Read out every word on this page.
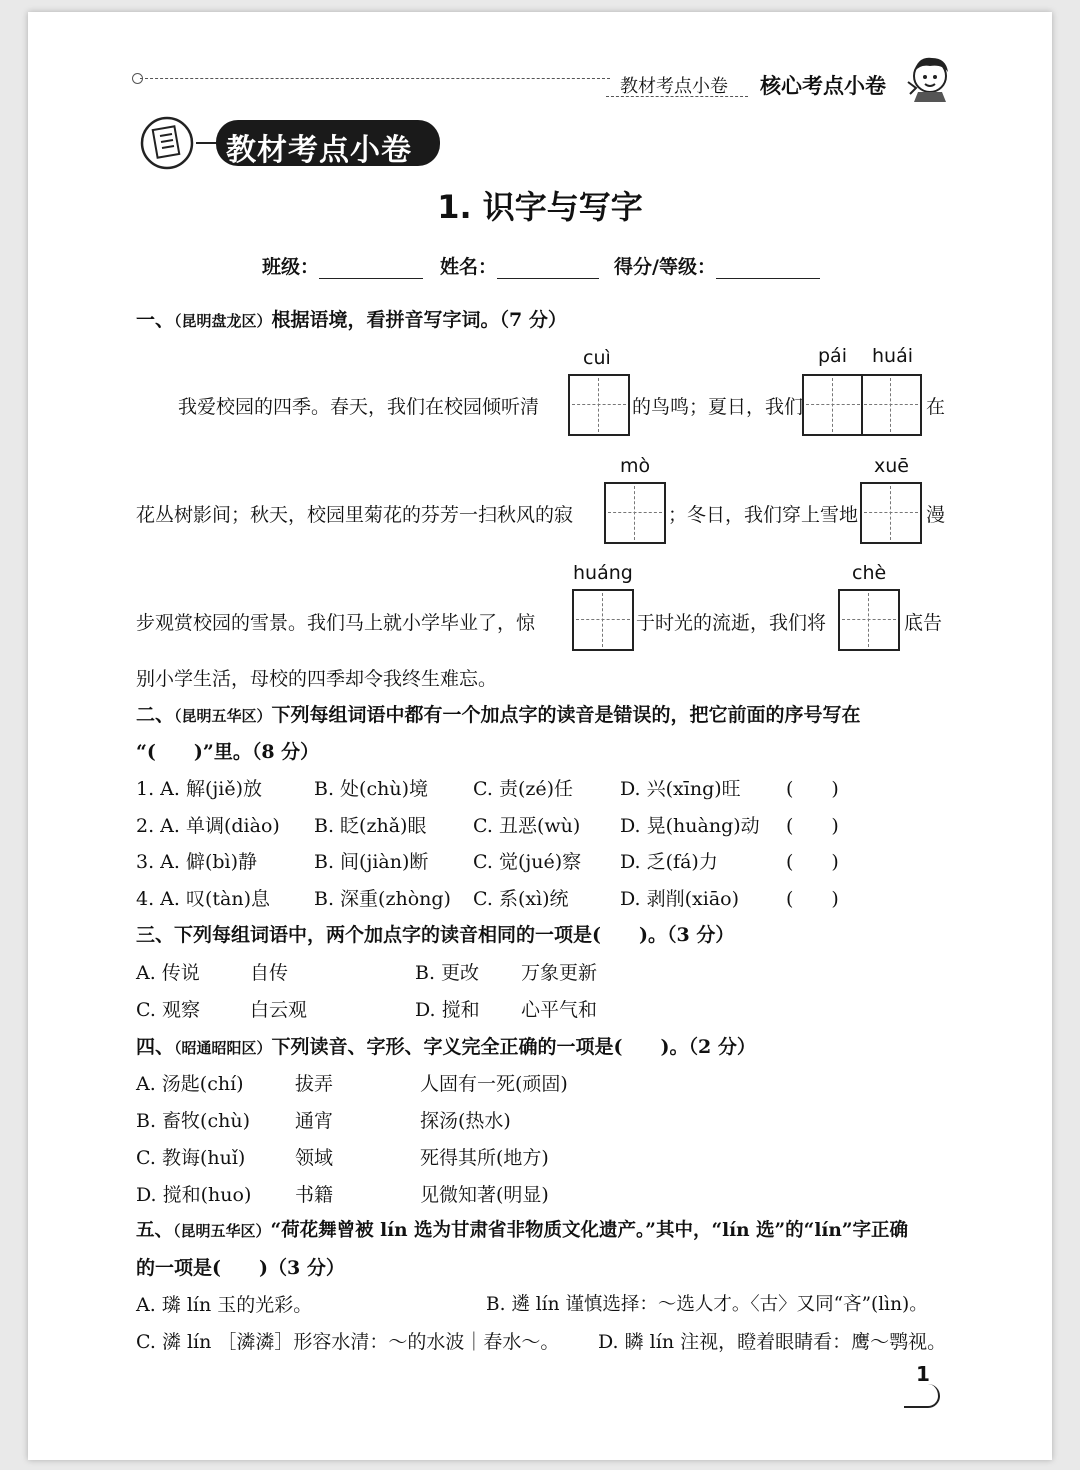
教材考点小卷 核心考点小卷
教材考点小卷
1. 识字与写字
班级：	姓名：	得分/等级：
一、（昆明盘龙区）根据语境，看拼音写字词。（7 分）
cuì	pái huái
我爱校园的四季。春天，我们在校园倾听清	的鸟鸣；夏日，我们	在
mò	xuē
花丛树影间；秋天，校园里菊花的芬芳一扫秋风的寂	；冬日，我们穿上雪地	漫
huáng	chè
步观赏校园的雪景。我们马上就小学毕业了，惊	于时光的流逝，我们将	底告
别小学生活，母校的四季却令我终生难忘。
二、（昆明五华区）下列每组词语中都有一个加点字的读音是错误的，把它前面的序号写在
“(　　)”里。（8 分）
1. A. 解(jiě)放	B. 处(chù)境 C. 责(zé)任 D. 兴(xīng)旺 (　　)
2. A. 单调(diào) B. 眨(zhǎ)眼 C. 丑恶(wù) D. 晃(huàng)动 (　　)
3. A. 僻(bì)静	B. 间(jiàn)断 C. 觉(jué)察 D. 乏(fá)力	(　　)
4. A. 叹(tàn)息 B. 深重(zhòng) C. 系(xì)统	D. 剥削(xiāo) (　　)
三、下列每组词语中，两个加点字的读音相同的一项是(　　)。（3 分）
A. 传说	自传	B. 更改 万象更新
C. 观察	白云观	D. 搅和 心平气和
四、（昭通昭阳区）下列读音、字形、字义完全正确的一项是(　　)。（2 分）
A. 汤匙(chí)	拔弄	人固有一死(顽固)
B. 畜牧(chù) 通宵	探汤(热水)
C. 教诲(huǐ)	领域	死得其所(地方)
D. 搅和(huo) 书籍	见微知著(明显)
五、（昆明五华区）“荷花舞曾被 lín 选为甘肃省非物质文化遗产。”其中，“lín 选”的“lín”字正确
的一项是(　　)（3 分）
A. 璘 lín 玉的光彩。	B. 遴 lín 谨慎选择：～选人才。〈古〉又同“吝”(lìn)。
C. 潾 lín ［潾潾］形容水清：～的水波｜春水～。 D. 瞵 lín 注视，瞪着眼睛看：鹰～鹗视。
1
